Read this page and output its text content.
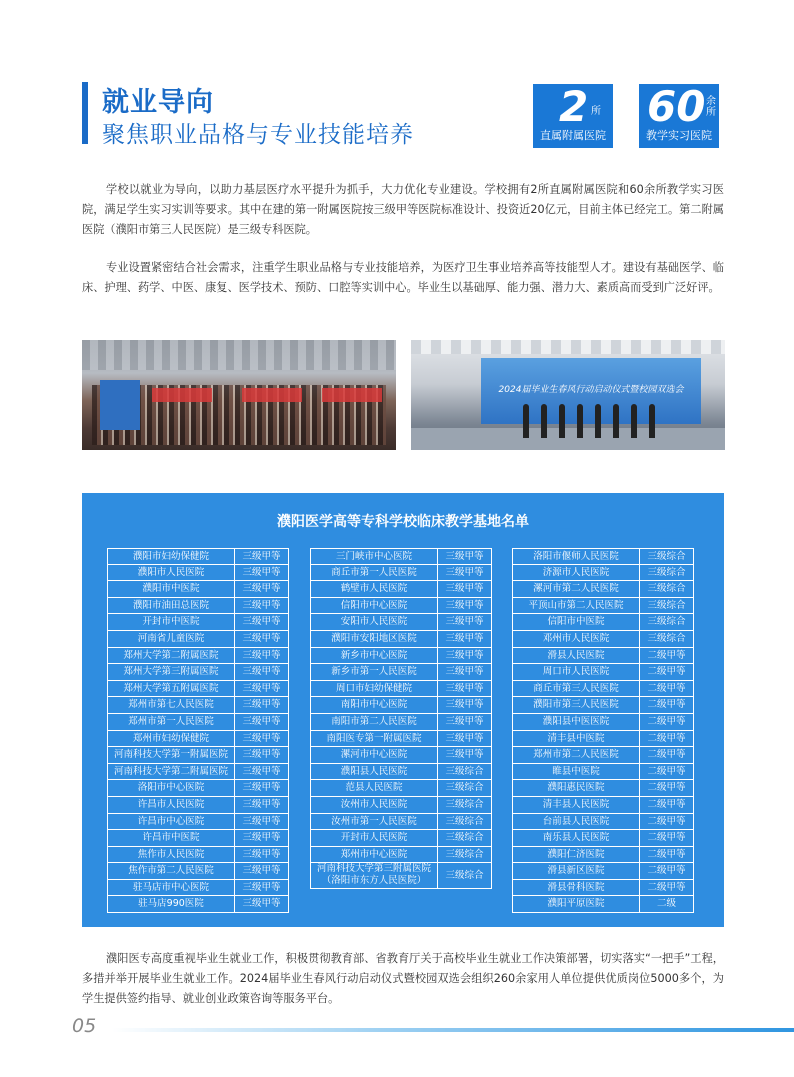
就业导向
聚焦职业品格与专业技能培养
2 所
直属附属医院
60 余所
教学实习医院

学校以就业为导向，以助力基层医疗水平提升为抓手，大力优化专业建设。学校拥有2所直属附属医院和60余所教学实习医院，满足学生实习实训等要求。其中在建的第一附属医院按三级甲等医院标准设计、投资近20亿元，目前主体已经完工。第二附属医院（濮阳市第三人民医院）是三级专科医院。

专业设置紧密结合社会需求，注重学生职业品格与专业技能培养，为医疗卫生事业培养高等技能型人才。建设有基础医学、临床、护理、药学、中医、康复、医学技术、预防、口腔等实训中心。毕业生以基础厚、能力强、潜力大、素质高而受到广泛好评。

2024届毕业生春风行动启动仪式暨校园双选会
濮阳医学高等专科学校临床教学基地名单
濮阳市妇幼保健院	三级甲等
濮阳市人民医院	三级甲等
濮阳市中医院	三级甲等
濮阳市油田总医院	三级甲等
开封市中医院	三级甲等
河南省儿童医院	三级甲等
郑州大学第二附属医院	三级甲等
郑州大学第三附属医院	三级甲等
郑州大学第五附属医院	三级甲等
郑州市第七人民医院	三级甲等
郑州市第一人民医院	三级甲等
郑州市妇幼保健院	三级甲等
河南科技大学第一附属医院	三级甲等
河南科技大学第二附属医院	三级甲等
洛阳市中心医院	三级甲等
许昌市人民医院	三级甲等
许昌市中心医院	三级甲等
许昌市中医院	三级甲等
焦作市人民医院	三级甲等
焦作市第二人民医院	三级甲等
驻马店市中心医院	三级甲等
驻马店990医院	三级甲等
三门峡市中心医院	三级甲等
商丘市第一人民医院	三级甲等
鹤壁市人民医院	三级甲等
信阳市中心医院	三级甲等
安阳市人民医院	三级甲等
濮阳市安阳地区医院	三级甲等
新乡市中心医院	三级甲等
新乡市第一人民医院	三级甲等
周口市妇幼保健院	三级甲等
南阳市中心医院	三级甲等
南阳市第二人民医院	三级甲等
南阳医专第一附属医院	三级甲等
漯河市中心医院	三级甲等
濮阳县人民医院	三级综合
范县人民医院	三级综合
汝州市人民医院	三级综合
汝州市第一人民医院	三级综合
开封市人民医院	三级综合
郑州市中心医院	三级综合
河南科技大学第三附属医院（洛阳市东方人民医院）	三级综合
洛阳市偃师人民医院	三级综合
济源市人民医院	三级综合
漯河市第二人民医院	三级综合
平顶山市第二人民医院	三级综合
信阳市中医院	三级综合
邓州市人民医院	三级综合
滑县人民医院	二级甲等
周口市人民医院	二级甲等
商丘市第三人民医院	二级甲等
濮阳市第三人民医院	二级甲等
濮阳县中医医院	二级甲等
清丰县中医院	二级甲等
郑州市第二人民医院	二级甲等
睢县中医院	二级甲等
濮阳惠民医院	二级甲等
清丰县人民医院	二级甲等
台前县人民医院	二级甲等
南乐县人民医院	二级甲等
濮阳仁济医院	二级甲等
滑县新区医院	二级甲等
滑县骨科医院	二级甲等
濮阳平原医院	二级

濮阳医专高度重视毕业生就业工作，积极贯彻教育部、省教育厅关于高校毕业生就业工作决策部署，切实落实“一把手”工程，多措并举开展毕业生就业工作。2024届毕业生春风行动启动仪式暨校园双选会组织260余家用人单位提供优质岗位5000多个，为学生提供签约指导、就业创业政策咨询等服务平台。

05
